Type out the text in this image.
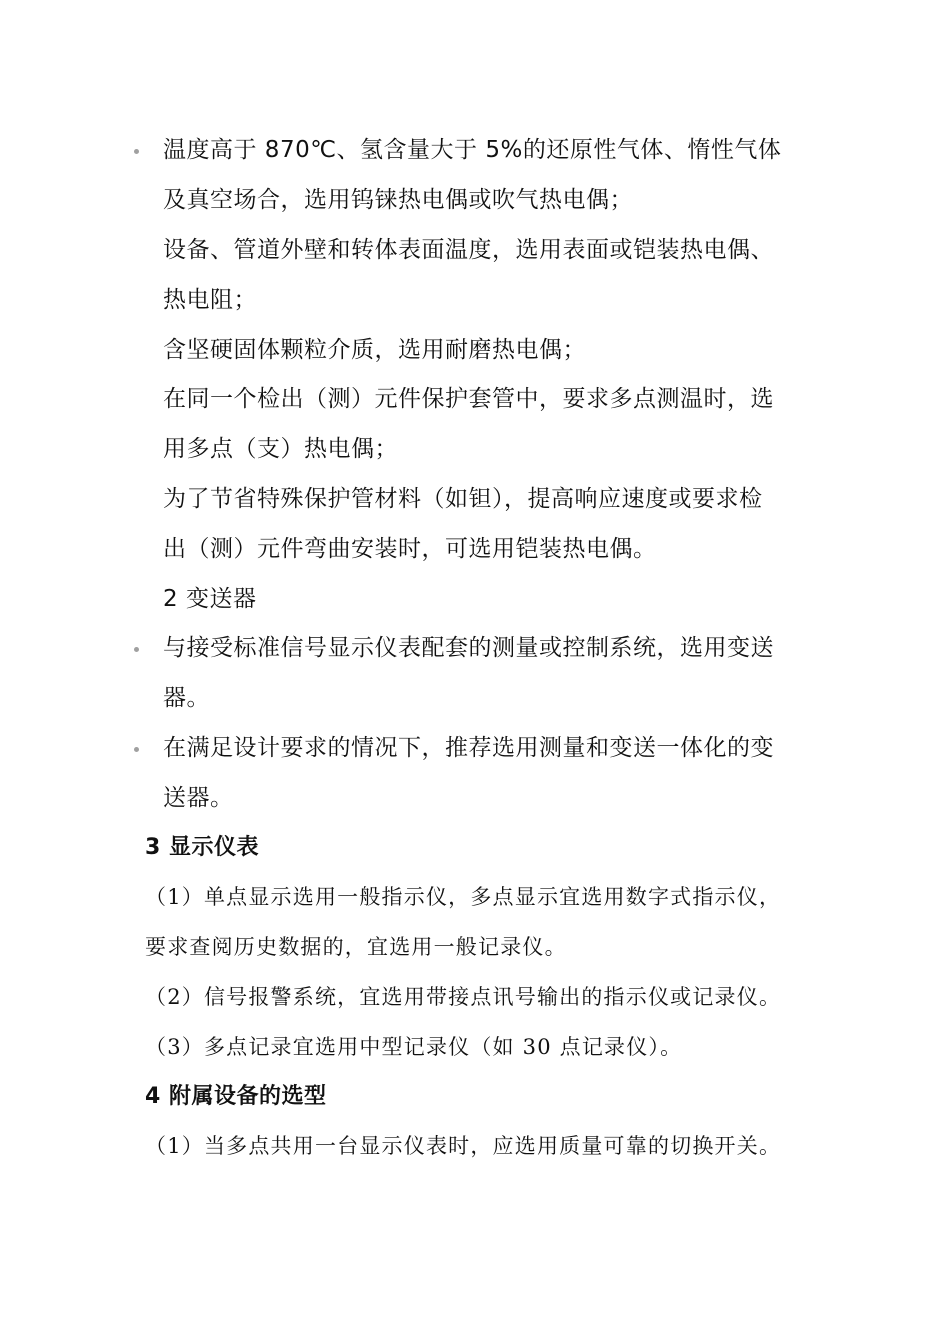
温度高于 870℃、氢含量大于 5%的还原性气体、惰性气体
及真空场合，选用钨铼热电偶或吹气热电偶；
设备、管道外壁和转体表面温度，选用表面或铠装热电偶、
热电阻；
含坚硬固体颗粒介质，选用耐磨热电偶；
在同一个检出（测）元件保护套管中，要求多点测温时，选
用多点（支）热电偶；
为了节省特殊保护管材料（如钽），提高响应速度或要求检
出（测）元件弯曲安装时，可选用铠装热电偶。
2 变送器
与接受标准信号显示仪表配套的测量或控制系统，选用变送
器。
在满足设计要求的情况下，推荐选用测量和变送一体化的变
送器。
3 显示仪表
（1）单点显示选用一般指示仪，多点显示宜选用数字式指示仪，
要求查阅历史数据的，宜选用一般记录仪。
（2）信号报警系统，宜选用带接点讯号输出的指示仪或记录仪。
（3）多点记录宜选用中型记录仪（如 30 点记录仪）。
4 附属设备的选型
（1）当多点共用一台显示仪表时，应选用质量可靠的切换开关。
